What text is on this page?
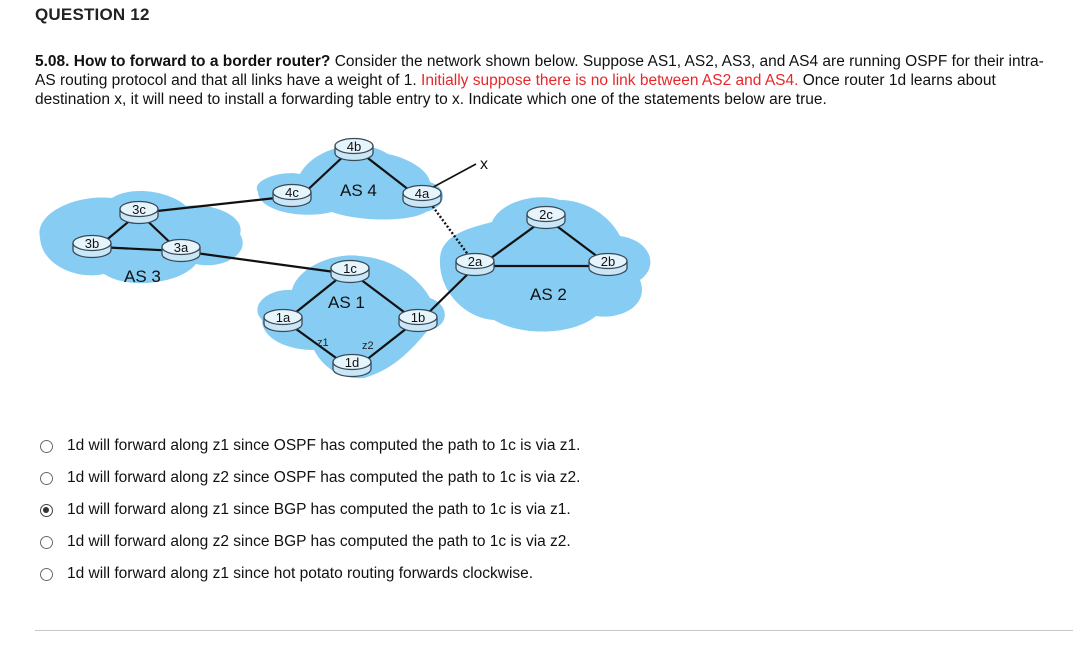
QUESTION 12
5.08. How to forward to a border router? Consider the network shown below. Suppose AS1, AS2, AS3, and AS4 are running OSPF for their intra-AS routing protocol and that all links have a weight of 1. Initially suppose there is no link between AS2 and AS4. Once router 1d learns about destination x, it will need to install a forwarding table entry to x. Indicate which one of the statements below are true.
AS 4
AS 3
AS 1	AS 2
x
z1	z2
4b
4c	4a
3c
3b	3a
1c
1a	1b
1d
2a
2c
2b
1d will forward along z1 since OSPF has computed the path to 1c is via z1.
1d will forward along z2 since OSPF has computed the path to 1c is via z2.
1d will forward along z1 since BGP has computed the path to 1c is via z1.
1d will forward along z2 since BGP has computed the path to 1c is via z2.
1d will forward along z1 since hot potato routing forwards clockwise.
